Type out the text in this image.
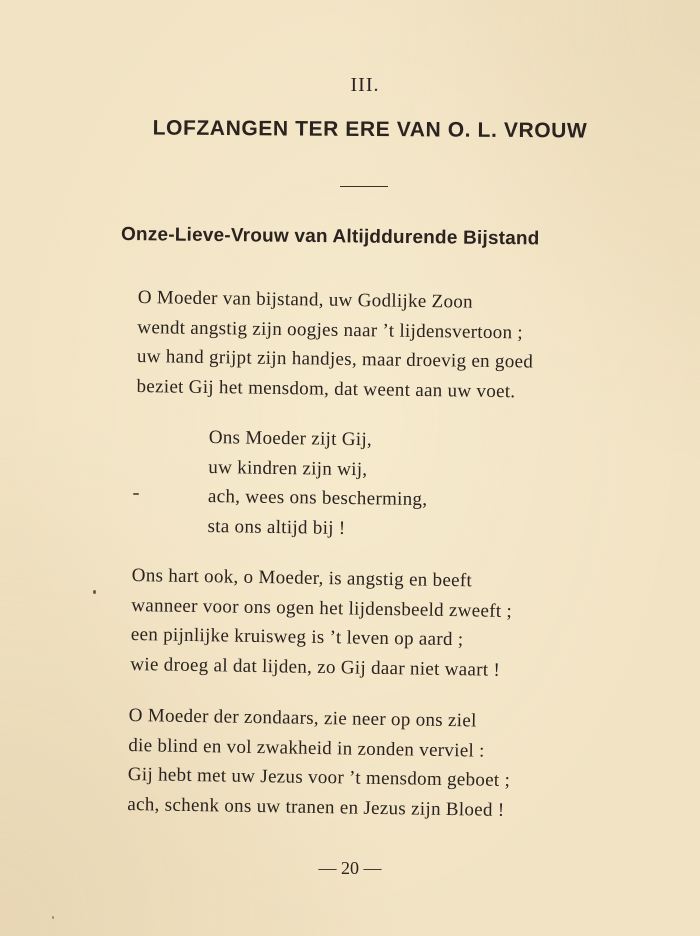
III.
LOFZANGEN TER ERE VAN O. L. VROUW
Onze-Lieve-Vrouw van Altijddurende Bijstand
O Moeder van bijstand, uw Godlijke Zoon
wendt angstig zijn oogjes naar ’t lijdensvertoon ;
uw hand grijpt zijn handjes, maar droevig en goed
beziet Gij het mensdom, dat weent aan uw voet.
Ons Moeder zijt Gij,
uw kindren zijn wij,
ach, wees ons bescherming,
sta ons altijd bij !
Ons hart ook, o Moeder, is angstig en beeft
wanneer voor ons ogen het lijdensbeeld zweeft ;
een pijnlijke kruisweg is ’t leven op aard ;
wie droeg al dat lijden, zo Gij daar niet waart !
O Moeder der zondaars, zie neer op ons ziel
die blind en vol zwakheid in zonden verviel :
Gij hebt met uw Jezus voor ’t mensdom geboet ;
ach, schenk ons uw tranen en Jezus zijn Bloed !
— 20 —
